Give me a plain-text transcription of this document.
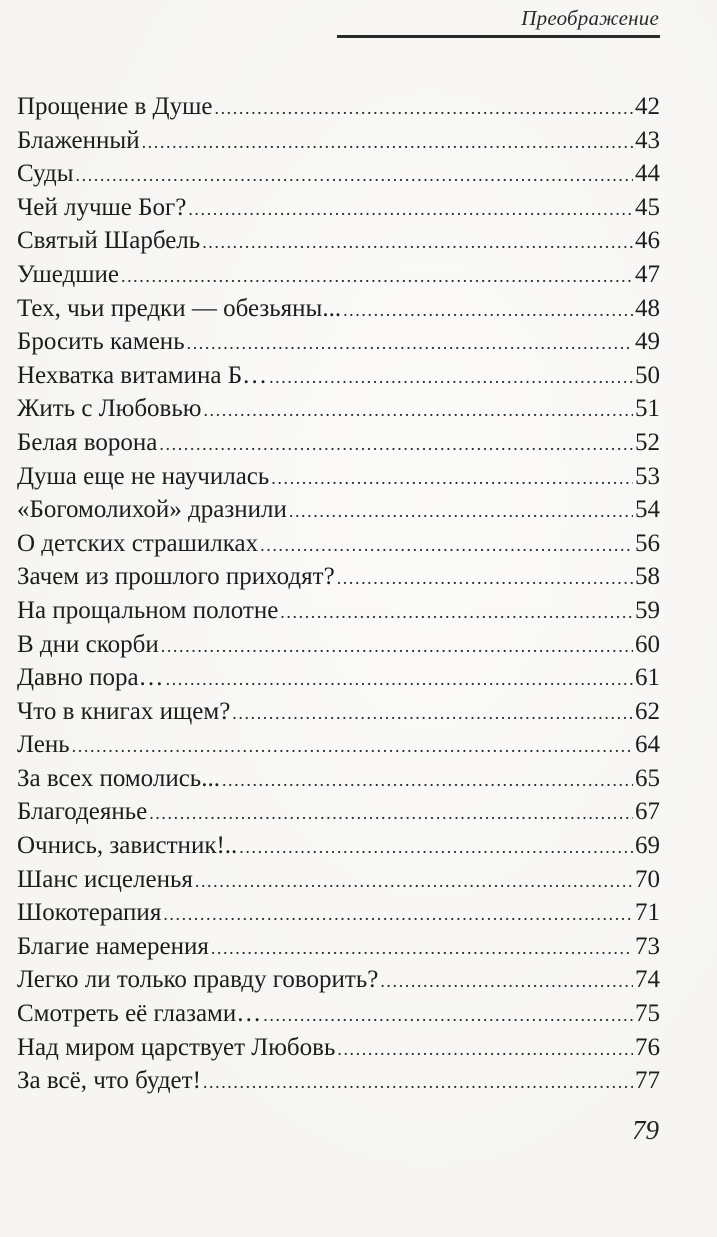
Преображение
Прощение в Душе .....	42
Блаженный .....	43
Суды .....	44
Чей лучше Бог? .....	45
Святый Шарбель .....	46
Ушедшие .....	47
Тех, чьи предки — обезьяны... .....	48
Бросить камень .....	49
Нехватка витамина Б… .....	50
Жить с Любовью .....	51
Белая ворона .....	52
Душа еще не научилась .....	53
«Богомолихой» дразнили .....	54
О детских страшилках .....	56
Зачем из прошлого приходят? .....	58
На прощальном полотне .....	59
В дни скорби .....	60
Давно пора… .....	61
Что в книгах ищем? .....	62
Лень .....	64
За всех помолись... .....	65
Благодеянье .....	67
Очнись, завистник!.. .....	69
Шанс исцеленья .....	70
Шокотерапия .....	71
Благие намерения .....	73
Легко ли только правду говорить? .....	74
Смотреть её глазами… .....	75
Над миром царствует Любовь .....	76
За всё, что будет! .....	77
79
